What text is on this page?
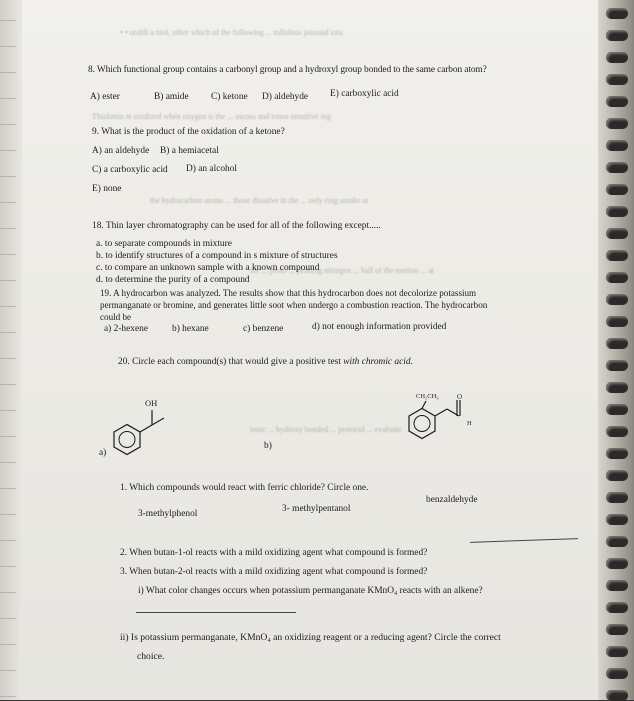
• • oraldi a niol, other which of the following ... tollulous jaiosaid iota
Thisfortin te oxidized when oxygen is the ... ascoss and ionos sensitive ing
the hydrocarbon atoms ... those dissolve in the ... only ring smoke ar
the ... proto ... pending nitrogen ... ball of the motion ... at
ionic ... hydroxy bonded ... protocol ... evaluate
8. Which functional group contains a carbonyl group and a hydroxyl group bonded to the same carbon atom?
A) ester	B) amide C) ketone D) aldehyde E) carboxylic acid
9. What is the product of the oxidation of a ketone?
A) an aldehyde B) a hemiacetal
C) a carboxylic acid D) an alcohol
E) none
18. Thin layer chromatography can be used for all of the following except.....
a. to separate compounds in mixture
b. to identify structures of a compound in s mixture of structures
c. to compare an unknown sample with a known compound
d. to determine the purity of a compound
19. A hydrocarbon was analyzed. The results show that this hydrocarbon does not decolorize potassium
permanganate or bromine, and generates little soot when undergo a combustion reaction. The hydrocarbon
could be
a) 2-hexene	b) hexane	c) benzene	d) not enough information provided
20. Circle each compound(s) that would give a positive test with chromic acid.
OH
a)
b)
CH₂CH₃	O
H
1. Which compounds would react with ferric chloride? Circle one.
3-methylphenol	3- methylpentanol
benzaldehyde
2. When butan-1-ol reacts with a mild oxidizing agent what compound is formed?
3. When butan-2-ol reacts with a mild oxidizing agent what compound is formed?
i) What color changes occurs when potassium permanganate KMnO₄ reacts with an alkene?
ii) Is potassium permanganate, KMnO₄ an oxidizing reagent or a reducing agent? Circle the correct
choice.
